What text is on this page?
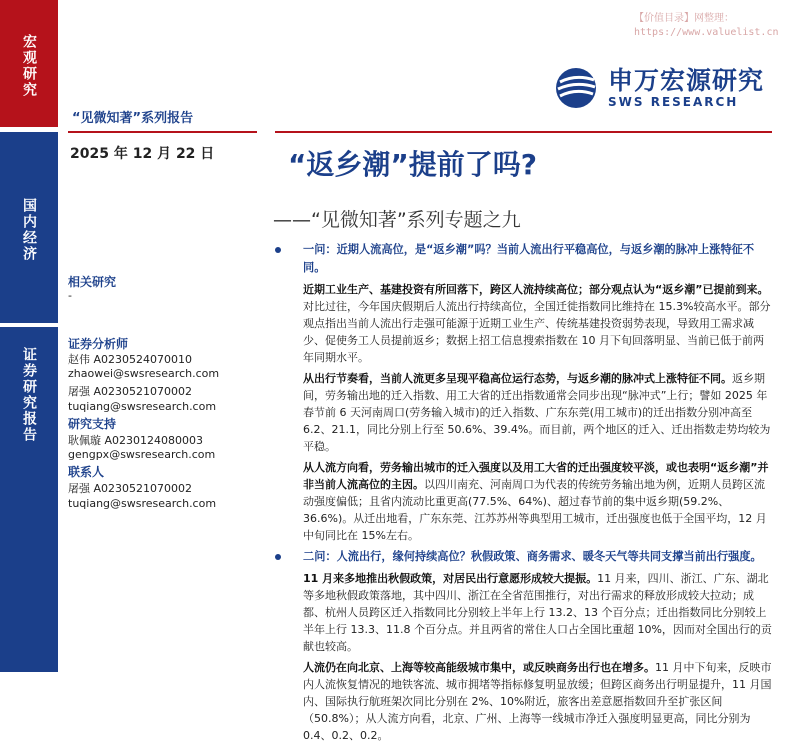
宏观研究
国内经济
证券研究报告
【价值目录】网整理：
https://www.valuelist.cn
申万宏源研究
SWS RESEARCH
“见微知著”系列报告
2025 年 12 月 22 日	“返乡潮”提前了吗?
——“见微知著”系列专题之九
相关研究
-
证券分析师
赵伟 A0230524070010
zhaowei@swsresearch.com
屠强 A0230521070002
tuqiang@swsresearch.com
研究支持
耿佩璇 A0230124080003
gengpx@swsresearch.com
联系人
屠强 A0230521070002
tuqiang@swsresearch.com
一问：近期人流高位，是“返乡潮”吗？当前人流出行平稳高位，与返乡潮的脉冲上涨特征不同。
近期工业生产、基建投资有所回落下，跨区人流持续高位；部分观点认为“返乡潮”已提前到来。对比过往，今年国庆假期后人流出行持续高位，全国迁徙指数同比维持在 15.3%较高水平。部分观点指出当前人流出行走强可能源于近期工业生产、传统基建投资弱势表现，导致用工需求减少、促使务工人员提前返乡；数据上招工信息搜索指数在 10 月下旬回落明显、当前已低于前两年同期水平。
从出行节奏看，当前人流更多呈现平稳高位运行态势，与返乡潮的脉冲式上涨特征不同。返乡期间，劳务输出地的迁入指数、用工大省的迁出指数通常会同步出现“脉冲式”上行；譬如 2025 年春节前 6 天河南周口(劳务输入城市)的迁入指数、广东东莞(用工城市)的迁出指数分别冲高至 6.2、21.1，同比分别上行至 50.6%、39.4%。而目前，两个地区的迁入、迁出指数走势均较为平稳。
从人流方向看，劳务输出城市的迁入强度以及用工大省的迁出强度较平淡，或也表明“返乡潮”并非当前人流高位的主因。以四川南充、河南周口为代表的传统劳务输出地为例，近期人员跨区流动强度偏低；且省内流动比重更高(77.5%、64%)、超过春节前的集中返乡期(59.2%、36.6%)。从迁出地看，广东东莞、江苏苏州等典型用工城市，迁出强度也低于全国平均，12 月中旬同比在 15%左右。
二问：人流出行，缘何持续高位？秋假政策、商务需求、暖冬天气等共同支撑当前出行强度。
11 月来多地推出秋假政策，对居民出行意愿形成较大提振。11 月来，四川、浙江、广东、湖北等多地秋假政策落地，其中四川、浙江在全省范围推行，对出行需求的释放形成较大拉动；成都、杭州人员跨区迁入指数同比分别较上半年上行 13.2、13 个百分点；迁出指数同比分别较上半年上行 13.3、11.8 个百分点。并且两省的常住人口占全国比重超 10%，因而对全国出行的贡献也较高。
人流仍在向北京、上海等较高能级城市集中，或反映商务出行也在增多。11 月中下旬来，反映市内人流恢复情况的地铁客流、城市拥堵等指标修复明显放缓；但跨区商务出行明显提升，11 月国内、国际执行航班架次同比分别在 2%、10%附近，旅客出差意愿指数回升至扩张区间（50.8%）；从人流方向看，北京、广州、上海等一线城市净迁入强度明显更高，同比分别为 0.4、0.2、0.2。
